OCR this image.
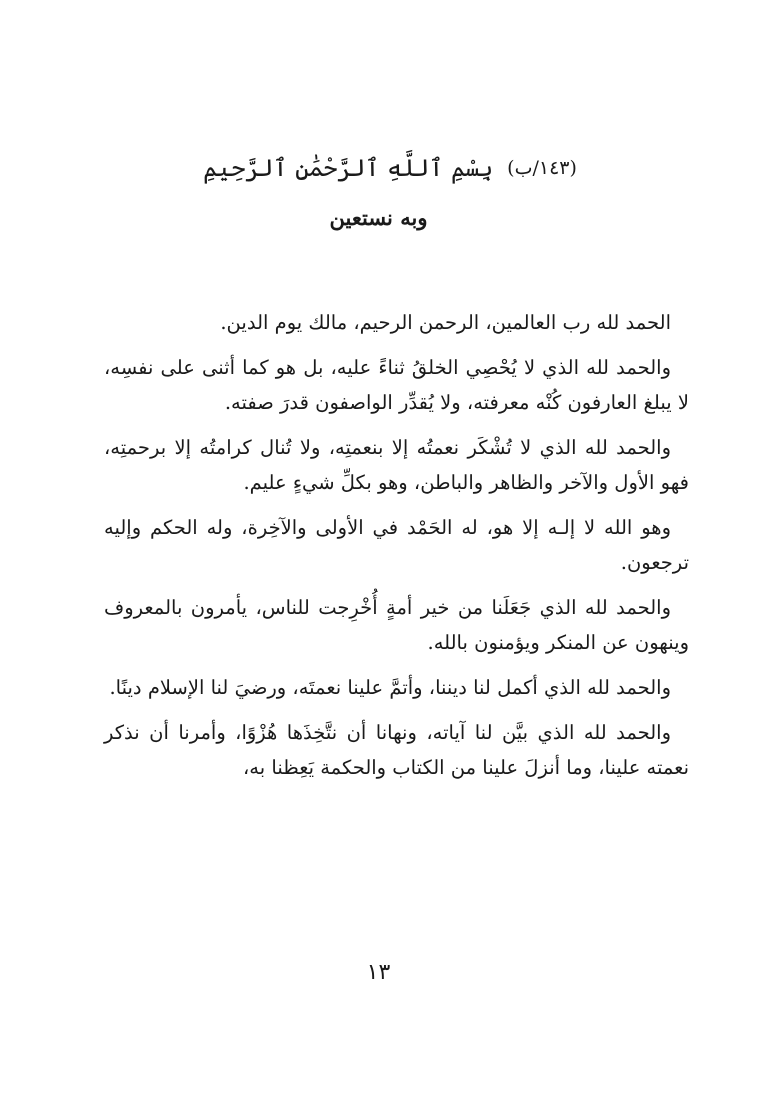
(١٤٣/ب)
بِسْمِ ٱللَّهِ ٱلرَّحْمَٰنِ ٱلرَّحِيمِ
وبه نستعين

الحمد لله رب العالمين، الرحمن الرحيم، مالك يوم الدين.

والحمد لله الذي لا يُحْصِي الخلقُ ثناءً عليه، بل هو كما أثنى على نفسِه، لا يبلغ العارفون كُنْه معرفته، ولا يُقدِّر الواصفون قدرَ صفته.

والحمد لله الذي لا تُشْكَر نعمتُه إلا بنعمتِه، ولا تُنال كرامتُه إلا برحمتِه، فهو الأول والآخر والظاهر والباطن، وهو بكلِّ شيءٍ عليم.

وهو الله لا إلـه إلا هو، له الحَمْد في الأولى والآخِرة، وله الحكم وإليه ترجعون.

والحمد لله الذي جَعَلَنا من خير أمةٍ أُخْرِجت للناس، يأمرون بالمعروف وينهون عن المنكر ويؤمنون بالله.

والحمد لله الذي أكمل لنا ديننا، وأتمَّ علينا نعمتَه، ورضيَ لنا الإسلام دينًا.

والحمد لله الذي بيَّن لنا آياته، ونهانا أن نتَّخِذَها هُزْوًا، وأمرنا أن نذكر نعمته علينا، وما أنزلَ علينا من الكتاب والحكمة يَعِظنا به،

١٣
